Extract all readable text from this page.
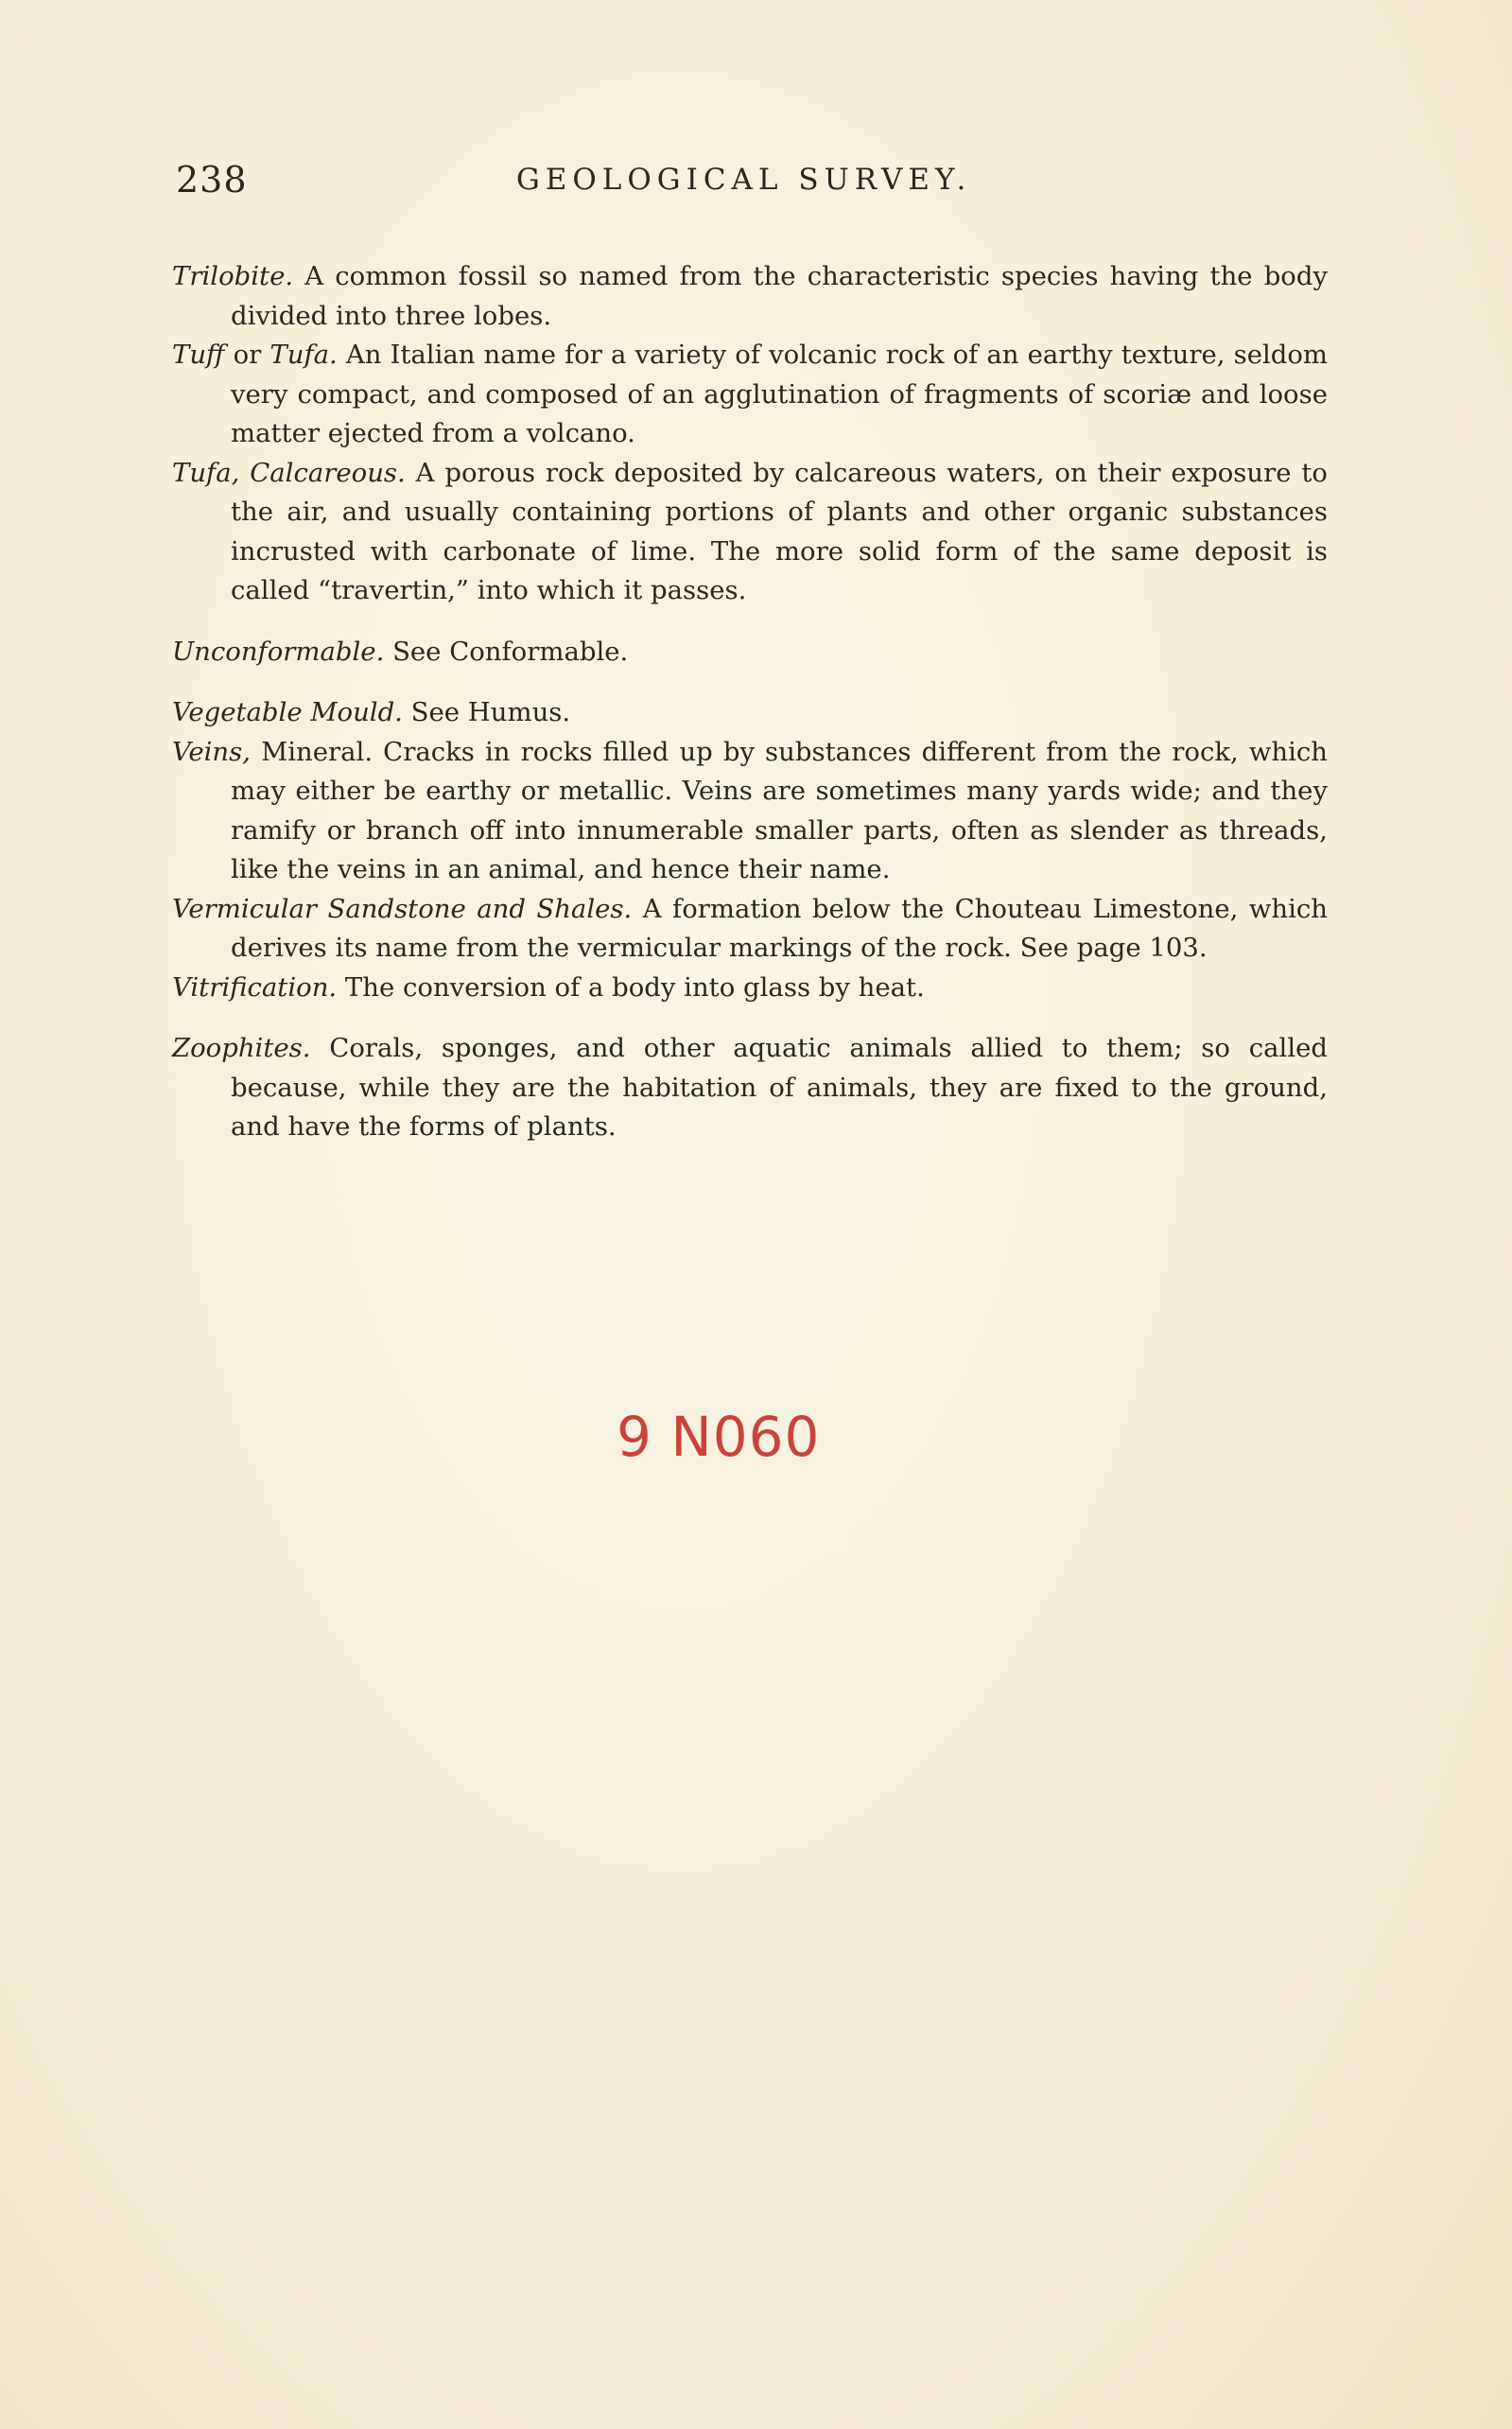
238	GEOLOGICAL SURVEY.

Trilobite. A common fossil so named from the characteristic species having the body divided into three lobes.

Tuff or Tufa. An Italian name for a variety of volcanic rock of an earthy texture, seldom very compact, and composed of an agglutination of fragments of scoriæ and loose matter ejected from a volcano.

Tufa, Calcareous. A porous rock deposited by calcareous waters, on their exposure to the air, and usually containing portions of plants and other organic substances incrusted with carbonate of lime. The more solid form of the same deposit is called “travertin,” into which it passes.

Unconformable. See Conformable.

Vegetable Mould. See Humus.

Veins, Mineral. Cracks in rocks filled up by substances different from the rock, which may either be earthy or metallic. Veins are sometimes many yards wide; and they ramify or branch off into innumerable smaller parts, often as slender as threads, like the veins in an animal, and hence their name.

Vermicular Sandstone and Shales. A formation below the Chouteau Limestone, which derives its name from the vermicular markings of the rock. See page 103.

Vitrification. The conversion of a body into glass by heat.

Zoophites. Corals, sponges, and other aquatic animals allied to them; so called because, while they are the habitation of animals, they are fixed to the ground, and have the forms of plants.

9 N060
